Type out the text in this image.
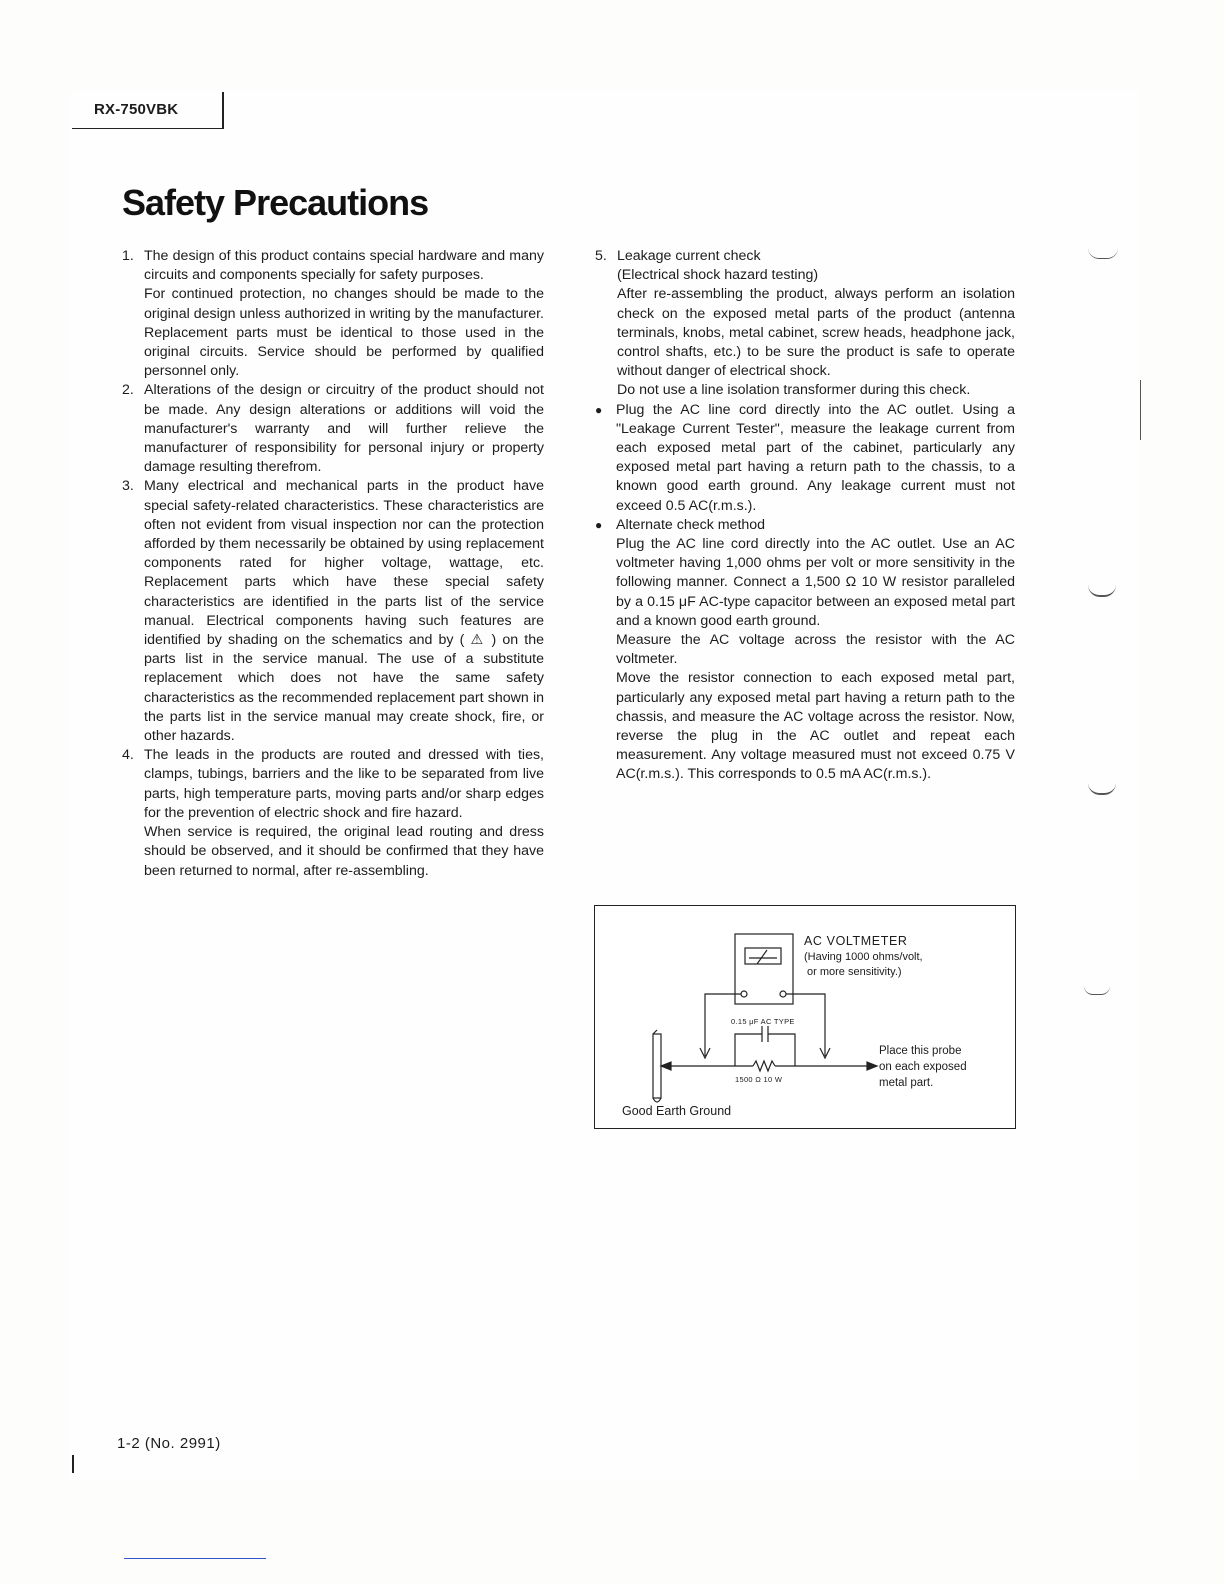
RX-750VBK
Safety Precautions
1. The design of this product contains special hardware and many circuits and components specially for safety purposes.

For continued protection, no changes should be made to the original design unless authorized in writing by the manufacturer. Replacement parts must be identical to those used in the original circuits. Service should be performed by qualified personnel only.

2. Alterations of the design or circuitry of the product should not be made. Any design alterations or additions will void the manufacturer's warranty and will further relieve the manufacturer of responsibility for personal injury or property damage resulting therefrom.

3. Many electrical and mechanical parts in the product have special safety-related characteristics. These characteristics are often not evident from visual inspection nor can the protection afforded by them necessarily be obtained by using replacement components rated for higher voltage, wattage, etc. Replacement parts which have these special safety characteristics are identified in the parts list of the service manual. Electrical components having such features are identified by shading on the schematics and by ( ⚠ ) on the parts list in the service manual. The use of a substitute replacement which does not have the same safety characteristics as the recommended replacement part shown in the parts list in the service manual may create shock, fire, or other hazards.

4. The leads in the products are routed and dressed with ties, clamps, tubings, barriers and the like to be separated from live parts, high temperature parts, moving parts and/or sharp edges for the prevention of electric shock and fire hazard.

When service is required, the original lead routing and dress should be observed, and it should be confirmed that they have been returned to normal, after re-assembling.

5. Leakage current check

(Electrical shock hazard testing)

After re-assembling the product, always perform an isolation check on the exposed metal parts of the product (antenna terminals, knobs, metal cabinet, screw heads, headphone jack, control shafts, etc.) to be sure the product is safe to operate without danger of electrical shock.

Do not use a line isolation transformer during this check.

● Plug the AC line cord directly into the AC outlet. Using a "Leakage Current Tester", measure the leakage current from each exposed metal part of the cabinet, particularly any exposed metal part having a return path to the chassis, to a known good earth ground. Any leakage current must not exceed 0.5 AC(r.m.s.).

● Alternate check method

Plug the AC line cord directly into the AC outlet. Use an AC voltmeter having 1,000 ohms per volt or more sensitivity in the following manner. Connect a 1,500 Ω 10 W resistor paralleled by a 0.15 μF AC-type capacitor between an exposed metal part and a known good earth ground.

Measure the AC voltage across the resistor with the AC voltmeter.

Move the resistor connection to each exposed metal part, particularly any exposed metal part having a return path to the chassis, and measure the AC voltage across the resistor. Now, reverse the plug in the AC outlet and repeat each measurement. Any voltage measured must not exceed 0.75 V AC(r.m.s.). This corresponds to 0.5 mA AC(r.m.s.).

AC VOLTMETER
(Having 1000 ohms/volt,
or more sensitivity.)
0.15 μF AC TYPE
1500 Ω 10 W
Place this probe
on each exposed
metal part.
Good Earth Ground
1-2 (No. 2991)
